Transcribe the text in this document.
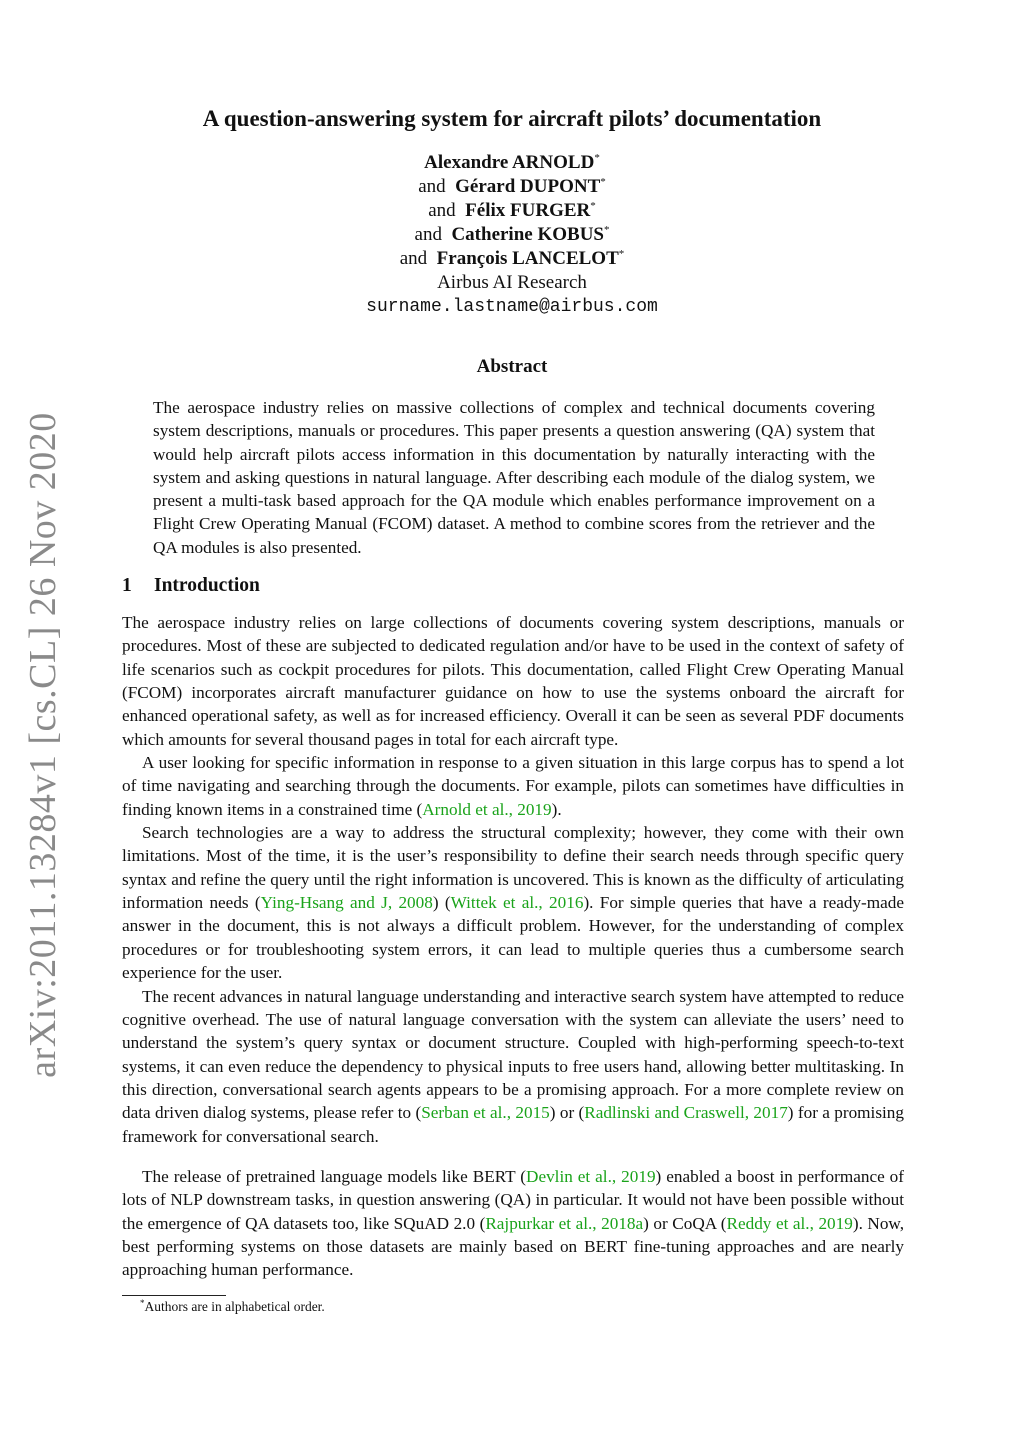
arXiv:2011.13284v1 [cs.CL] 26 Nov 2020
A question-answering system for aircraft pilots’ documentation
Alexandre ARNOLD*
and Gérard DUPONT*
and Félix FURGER*
and Catherine KOBUS*
and François LANCELOT*
Airbus AI Research
surname.lastname@airbus.com
Abstract
The aerospace industry relies on massive collections of complex and technical documents covering system descriptions, manuals or procedures. This paper presents a question answering (QA) system that would help aircraft pilots access information in this documentation by naturally interacting with the system and asking questions in natural language. After describing each module of the dialog system, we present a multi-task based approach for the QA module which enables performance improvement on a Flight Crew Operating Manual (FCOM) dataset. A method to combine scores from the retriever and the QA modules is also presented.
1 Introduction

The aerospace industry relies on large collections of documents covering system descriptions, manuals or procedures. Most of these are subjected to dedicated regulation and/or have to be used in the context of safety of life scenarios such as cockpit procedures for pilots. This documentation, called Flight Crew Operating Manual (FCOM) incorporates aircraft manufacturer guidance on how to use the systems onboard the aircraft for enhanced operational safety, as well as for increased efficiency. Overall it can be seen as several PDF documents which amounts for several thousand pages in total for each aircraft type.

A user looking for specific information in response to a given situation in this large corpus has to spend a lot of time navigating and searching through the documents. For example, pilots can sometimes have difficulties in finding known items in a constrained time (Arnold et al., 2019).

Search technologies are a way to address the structural complexity; however, they come with their own limitations. Most of the time, it is the user’s responsibility to define their search needs through specific query syntax and refine the query until the right information is uncovered. This is known as the difficulty of articulating information needs (Ying-Hsang and J, 2008) (Wittek et al., 2016). For simple queries that have a ready-made answer in the document, this is not always a difficult problem. However, for the understanding of complex procedures or for troubleshooting system errors, it can lead to multiple queries thus a cumbersome search experience for the user.

The recent advances in natural language understanding and interactive search system have attempted to reduce cognitive overhead. The use of natural language conversation with the system can alleviate the users’ need to understand the system’s query syntax or document structure. Coupled with high-performing speech-to-text systems, it can even reduce the dependency to physical inputs to free users hand, allowing better multitasking. In this direction, conversational search agents appears to be a promising approach. For a more complete review on data driven dialog systems, please refer to (Serban et al., 2015) or (Radlinski and Craswell, 2017) for a promising framework for conversational search.

The release of pretrained language models like BERT (Devlin et al., 2019) enabled a boost in performance of lots of NLP downstream tasks, in question answering (QA) in particular. It would not have been possible without the emergence of QA datasets too, like SQuAD 2.0 (Rajpurkar et al., 2018a) or CoQA (Reddy et al., 2019). Now, best performing systems on those datasets are mainly based on BERT fine-tuning approaches and are nearly approaching human performance.

*Authors are in alphabetical order.
